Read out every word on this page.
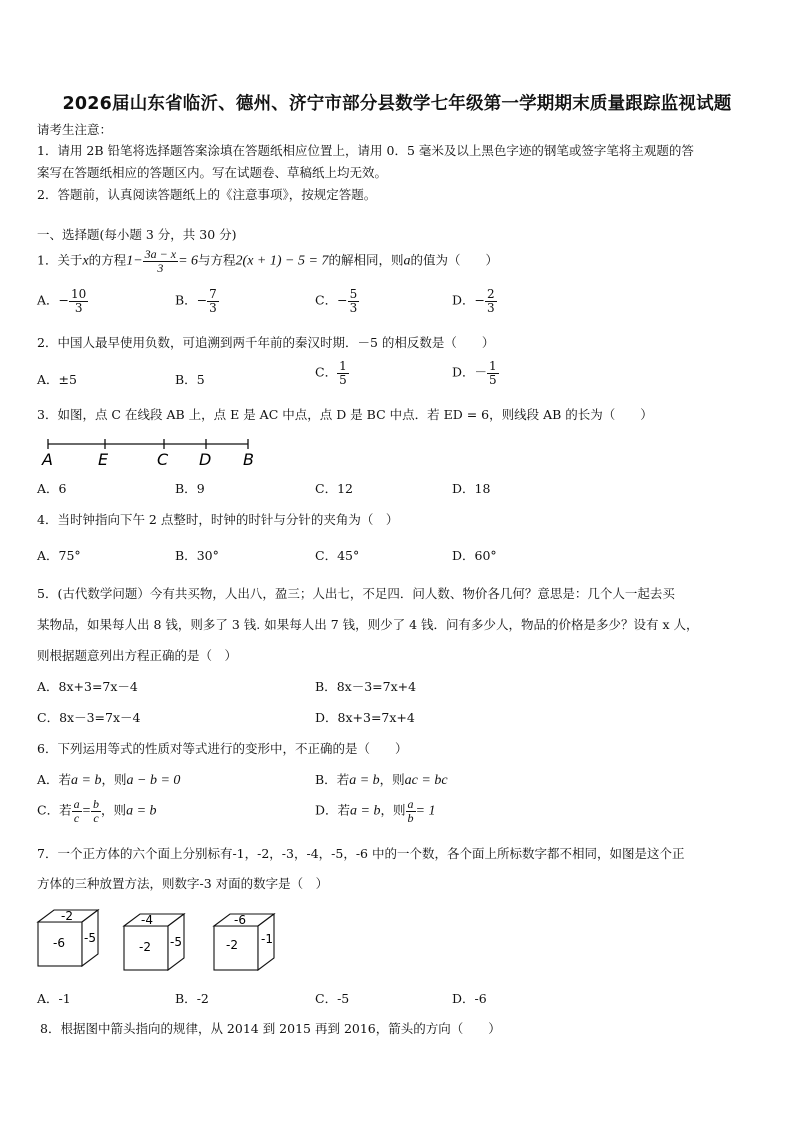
2026届山东省临沂、德州、济宁市部分县数学七年级第一学期期末质量跟踪监视试题
请考生注意：
1．请用 2B 铅笔将选择题答案涂填在答题纸相应位置上，请用 0．5 毫米及以上黑色字迹的钢笔或签字笔将主观题的答
案写在答题纸相应的答题区内。写在试题卷、草稿纸上均无效。
2．答题前，认真阅读答题纸上的《注意事项》，按规定答题。
一、选择题(每小题 3 分，共 30 分)
1．关于x的方程$1- \frac{3a - x}{3} = 6$与方程2(x + 1) − 5 = 7的解相同，则a的值为（　　）
A．− $\frac{10}{3}$	B．− $\frac{7}{3}$	C．− $\frac{5}{3}$	D．− $\frac{2}{3}$
2．中国人最早使用负数，可追溯到两千年前的秦汉时期．－5 的相反数是（　　）
A．±5	B．5	C． $\frac{1}{5}$	D．－ $\frac{1}{5}$
3．如图，点 C 在线段 AB 上，点 E 是 AC 中点，点 D 是 BC 中点．若 ED = 6，则线段 AB 的长为（　　）
A	E	C D B
A．6	B．9	C．12	D．18
4．当时钟指向下午 2 点整时，时钟的时针与分针的夹角为（　）
A．75°	B．30°	C．45°	D．60°
5．(古代数学问题）今有共买物，人出八，盈三；人出七，不足四．问人数、物价各几何？意思是：几个人一起去买
某物品，如果每人出 8 钱，则多了 3 钱. 如果每人出 7 钱，则少了 4 钱．问有多少人，物品的价格是多少？设有 x 人，
则根据题意列出方程正确的是（　）
A．8x+3=7x－4	B．8x－3=7x+4
C．8x－3=7x－4	D．8x+3=7x+4
6．下列运用等式的性质对等式进行的变形中，不正确的是（　　）
A．若a = b，则a − b = 0	B．若a = b，则ac = bc
C．若 $\frac{a}{c} = \frac{b}{c}$ ，则a = b	D．若a = b，则 $\frac{a}{b} = 1$
7．一个正方体的六个面上分别标有-1，-2，-3，-4，-5，-6 中的一个数，各个面上所标数字都不相同，如图是这个正
方体的三种放置方法，则数字-3 对面的数字是（　）
-2
-6 -5
-4
-2 -5
-6
-2 -1
A．-1	B．-2	C．-5	D．-6
8．根据图中箭头指向的规律，从 2014 到 2015 再到 2016，箭头的方向（　　）
